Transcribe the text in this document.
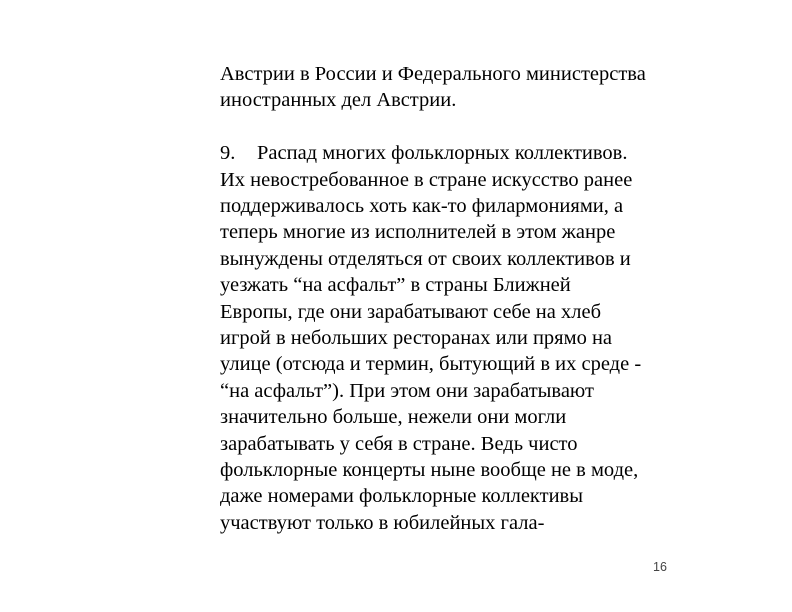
Австрии в России и Федерального министерства
иностранных дел Австрии.
9. Распад многих фольклорных коллективов.
Их невостребованное в стране искусство ранее
поддерживалось хоть как-то филармониями, а
теперь многие из исполнителей в этом жанре
вынуждены отделяться от своих коллективов и
уезжать “на асфальт” в страны Ближней
Европы, где они зарабатывают себе на хлеб
игрой в небольших ресторанах или прямо на
улице (отсюда и термин, бытующий в их среде -
“на асфальт”). При этом они зарабатывают
значительно больше, нежели они могли
зарабатывать у себя в стране. Ведь чисто
фольклорные концерты ныне вообще не в моде,
даже номерами фольклорные коллективы
участвуют только в юбилейных гала-
16
